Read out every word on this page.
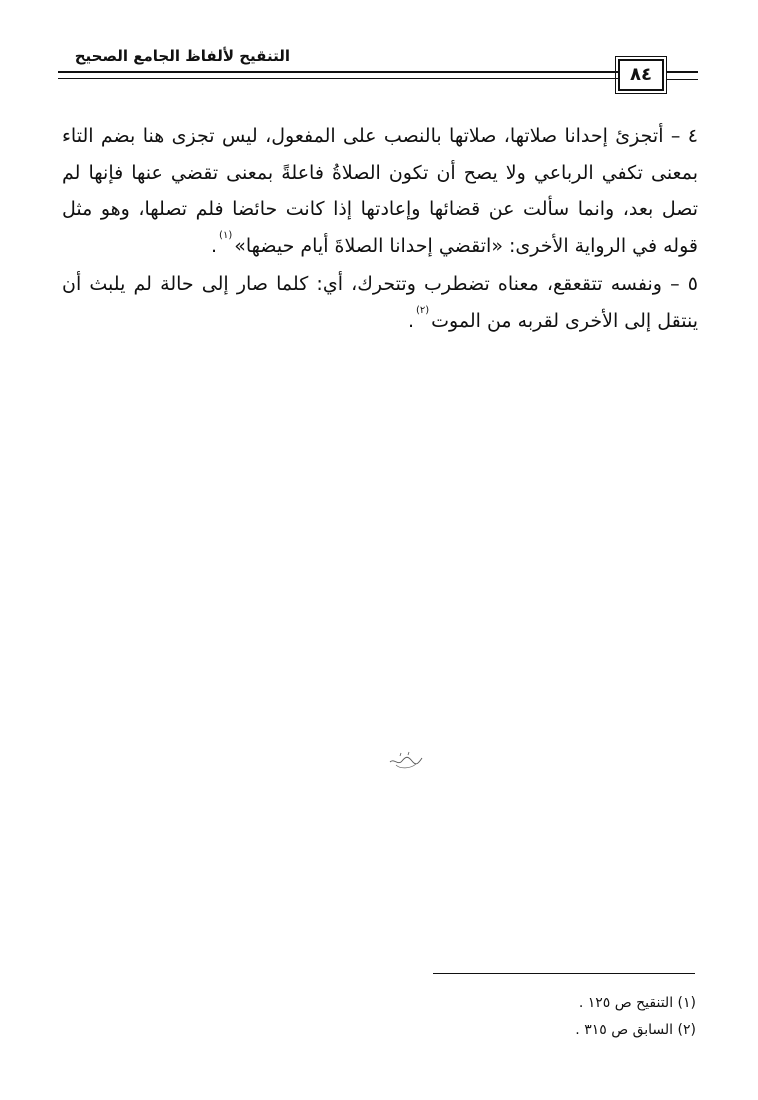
التنقيح لألفاظ الجامع الصحيح
٨٤

٤ – أتجزئ إحدانا صلاتها، صلاتها بالنصب على المفعول، ليس تجزى هنا بضم التاء بمعنى تكفي الرباعي ولا يصح أن تكون الصلاةُ فاعلةً بمعنى تقضي عنها فإنها لم تصل بعد، وانما سألت عن قضائها وإعادتها إذا كانت حائضا فلم تصلها، وهو مثل قوله في الرواية الأخرى: «اتقضي إحدانا الصلاةَ أيام حيضها»$^{(١)}$.

٥ – ونفسه تتقعقع، معناه تضطرب وتتحرك، أي: كلما صار إلى حالة لم يلبث أن ينتقل إلى الأخرى لقربه من الموت$^{(٢)}$.

(١) التنقيح ص ١٢٥ .
(٢) السابق ص ٣١٥ .
